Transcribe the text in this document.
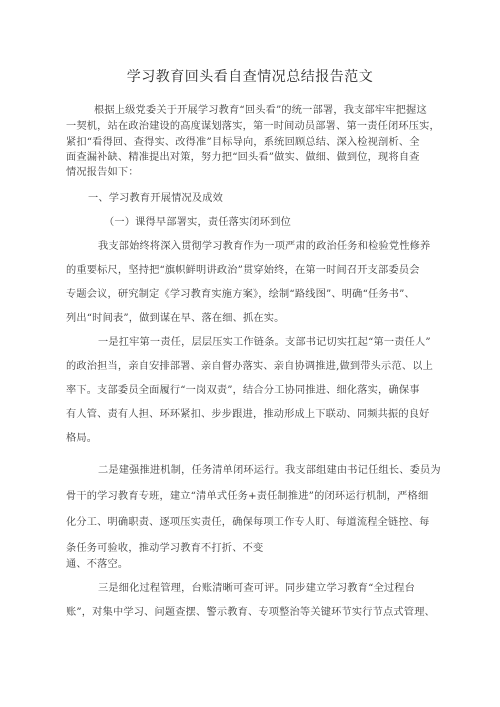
学习教育回头看自查情况总结报告范文
根据上级党委关于开展学习教育“回头看”的统一部署，我支部牢牢把握这
一契机，站在政治建设的高度谋划落实，第一时间动员部署、第一责任闭环压实，
紧扣“看得回、查得实、改得准”目标导向，系统回顾总结、深入检视剖析、全
面查漏补缺、精准提出对策，努力把“回头看”做实、做细、做到位，现将自查
情况报告如下：
一、学习教育开展情况及成效
（一）课得早部署实，责任落实闭环到位
我支部始终将深入贯彻学习教育作为一项严肃的政治任务和检验党性修养
的重要标尺，坚持把“旗帜鲜明讲政治”贯穿始终，在第一时间召开支部委员会
专题会议，研究制定《学习教育实施方案》，绘制“路线图”、明确“任务书”、
列出“时间表”，做到谋在早、落在细、抓在实。
一是扛牢第一责任，层层压实工作链条。支部书记切实扛起“第一责任人”
的政治担当，亲自安排部署、亲自督办落实、亲自协调推进,做到带头示范、以上
率下。支部委员全面履行“一岗双责”，结合分工协同推进、细化落实，确保事
有人管、责有人担、环环紧扣、步步跟进，推动形成上下联动、同频共振的良好
格局。
二是建强推进机制，任务清单闭环运行。我支部组建由书记任组长、委员为
骨干的学习教育专班，建立“清单式任务+责任制推进”的闭环运行机制，严格细
化分工、明确职责、逐项压实责任，确保每项工作专人盯、每道流程全链控、每
条任务可验收，推动学习教育不打折、不变
通、不落空。
三是细化过程管理，台账清晰可查可评。同步建立学习教育“全过程台
账”，对集中学习、问题查摆、警示教育、专项整治等关键环节实行节点式管理、
